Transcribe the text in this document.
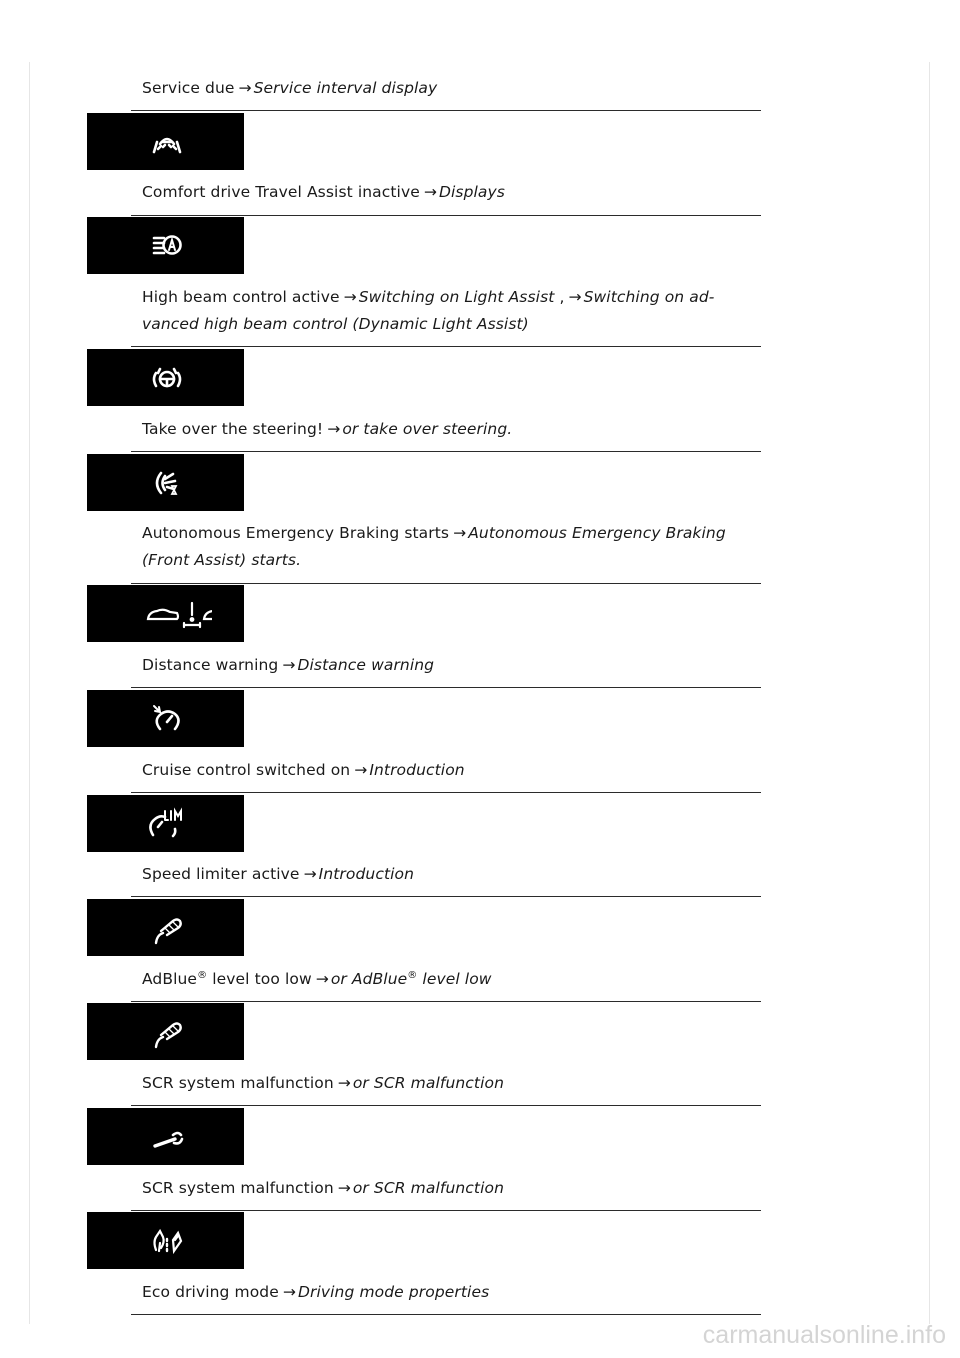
Service due → Service interval display
Comfort drive Travel Assist inactive → Displays
High beam control active → Switching on Light Assist , → Switching on ad-
vanced high beam control (Dynamic Light Assist)
Take over the steering! → or take over steering.
Autonomous Emergency Braking starts → Autonomous Emergency Braking
(Front Assist) starts.
Distance warning → Distance warning
Cruise control switched on → Introduction
Speed limiter active → Introduction
AdBlue® level too low → or AdBlue® level low
SCR system malfunction → or SCR malfunction
SCR system malfunction → or SCR malfunction
Eco driving mode → Driving mode properties
carmanualsonline.info
